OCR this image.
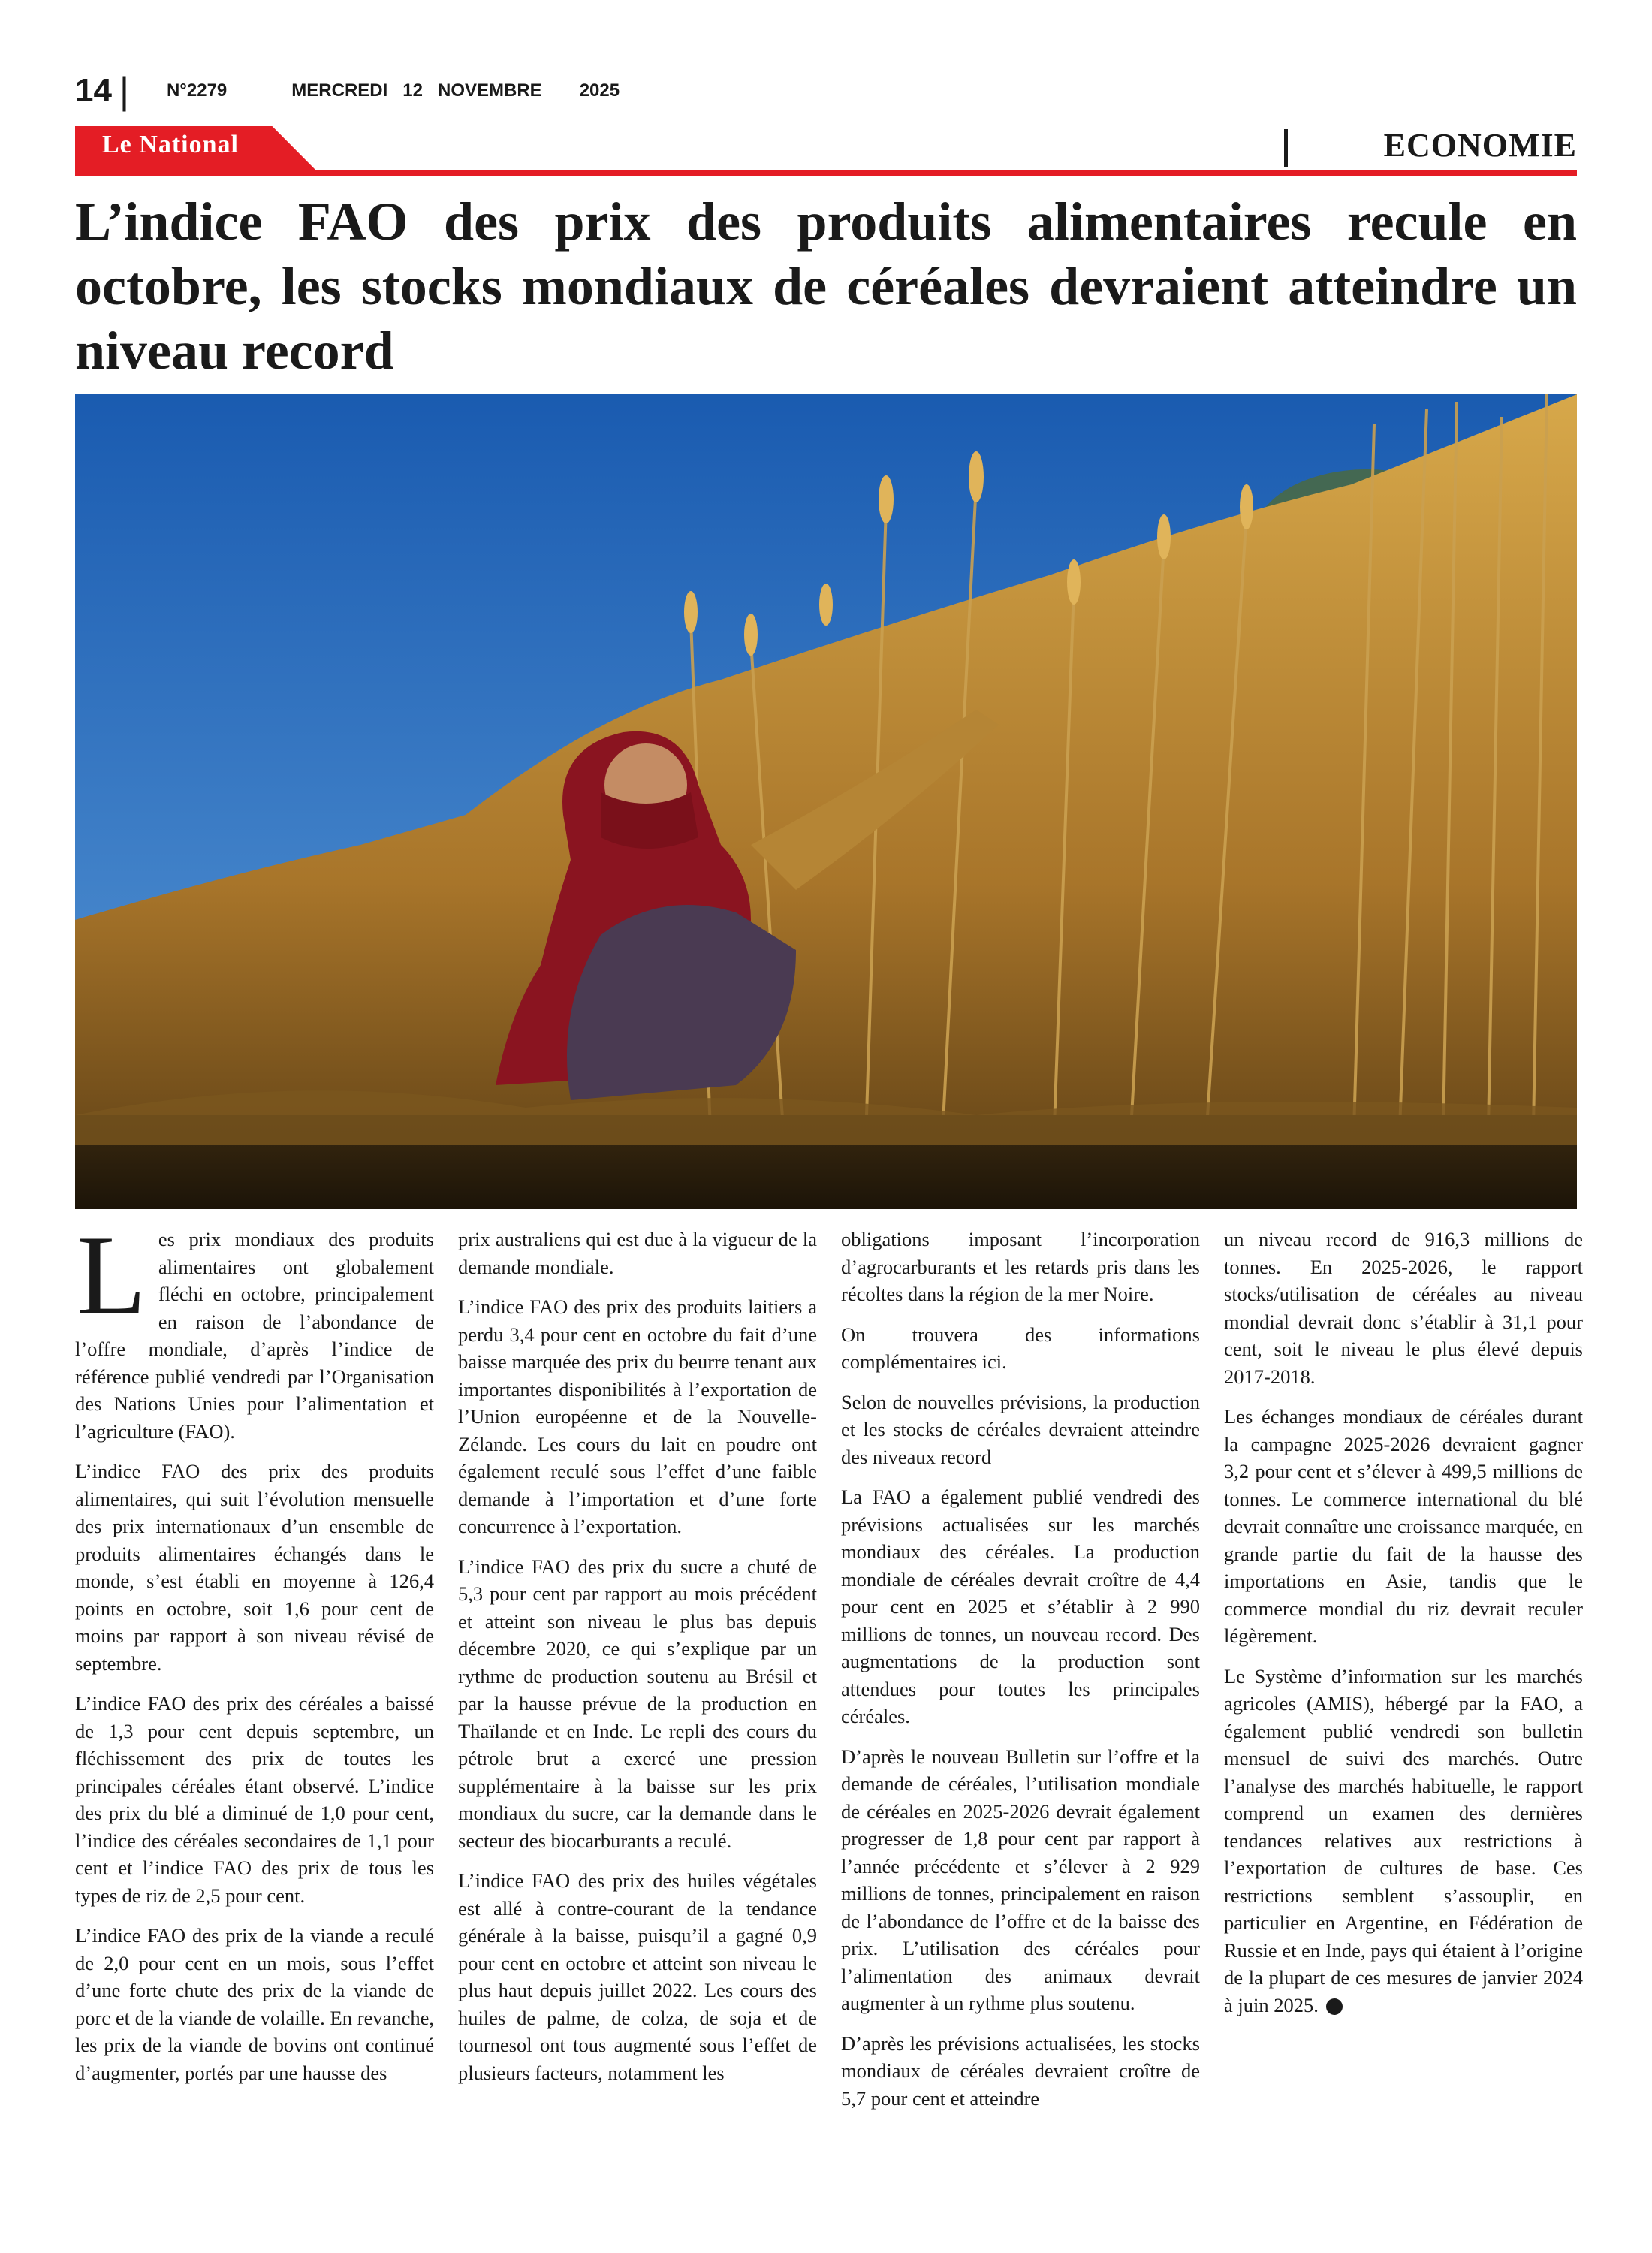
14 | N°2279	MERCREDI 12 NOVEMBRE 2025
Le National	ECONOMIE
L’indice FAO des prix des produits alimentaires recule en octobre, les stocks mondiaux de céréales devraient atteindre un niveau record

Les prix mondiaux des produits alimentaires ont globalement fléchi en octobre, principalement en raison de l’abondance de l’offre mondiale, d’après l’indice de référence publié vendredi par l’Organisation des Nations Unies pour l’alimentation et l’agriculture (FAO).

L’indice FAO des prix des produits alimentaires, qui suit l’évolution mensuelle des prix internationaux d’un ensemble de produits alimentaires échangés dans le monde, s’est établi en moyenne à 126,4 points en octobre, soit 1,6 pour cent de moins par rapport à son niveau révisé de septembre.

L’indice FAO des prix des céréales a baissé de 1,3 pour cent depuis septembre, un fléchissement des prix de toutes les principales céréales étant observé. L’indice des prix du blé a diminué de 1,0 pour cent, l’indice des céréales secondaires de 1,1 pour cent et l’indice FAO des prix de tous les types de riz de 2,5 pour cent.

L’indice FAO des prix de la viande a reculé de 2,0 pour cent en un mois, sous l’effet d’une forte chute des prix de la viande de porc et de la viande de volaille. En revanche, les prix de la viande de bovins ont continué d’augmenter, portés par une hausse des

prix australiens qui est due à la vigueur de la demande mondiale.

L’indice FAO des prix des produits laitiers a perdu 3,4 pour cent en octobre du fait d’une baisse marquée des prix du beurre tenant aux importantes disponibilités à l’exportation de l’Union européenne et de la Nouvelle-Zélande. Les cours du lait en poudre ont également reculé sous l’effet d’une faible demande à l’importation et d’une forte concurrence à l’exportation.

L’indice FAO des prix du sucre a chuté de 5,3 pour cent par rapport au mois précédent et atteint son niveau le plus bas depuis décembre 2020, ce qui s’explique par un rythme de production soutenu au Brésil et par la hausse prévue de la production en Thaïlande et en Inde. Le repli des cours du pétrole brut a exercé une pression supplémentaire à la baisse sur les prix mondiaux du sucre, car la demande dans le secteur des biocarburants a reculé.

L’indice FAO des prix des huiles végétales est allé à contre-courant de la tendance générale à la baisse, puisqu’il a gagné 0,9 pour cent en octobre et atteint son niveau le plus haut depuis juillet 2022. Les cours des huiles de palme, de colza, de soja et de tournesol ont tous augmenté sous l’effet de plusieurs facteurs, notamment les

obligations imposant l’incorporation d’agrocarburants et les retards pris dans les récoltes dans la région de la mer Noire.

On trouvera des informations complémentaires ici.

Selon de nouvelles prévisions, la production et les stocks de céréales devraient atteindre des niveaux record

La FAO a également publié vendredi des prévisions actualisées sur les marchés mondiaux des céréales. La production mondiale de céréales devrait croître de 4,4 pour cent en 2025 et s’établir à 2 990 millions de tonnes, un nouveau record. Des augmentations de la production sont attendues pour toutes les principales céréales.

D’après le nouveau Bulletin sur l’offre et la demande de céréales, l’utilisation mondiale de céréales en 2025-2026 devrait également progresser de 1,8 pour cent par rapport à l’année précédente et s’élever à 2 929 millions de tonnes, principalement en raison de l’abondance de l’offre et de la baisse des prix. L’utilisation des céréales pour l’alimentation des animaux devrait augmenter à un rythme plus soutenu.

D’après les prévisions actualisées, les stocks mondiaux de céréales devraient croître de 5,7 pour cent et atteindre

un niveau record de 916,3 millions de tonnes. En 2025-2026, le rapport stocks/utilisation de céréales au niveau mondial devrait donc s’établir à 31,1 pour cent, soit le niveau le plus élevé depuis 2017-2018.

Les échanges mondiaux de céréales durant la campagne 2025-2026 devraient gagner 3,2 pour cent et s’élever à 499,5 millions de tonnes. Le commerce international du blé devrait connaître une croissance marquée, en grande partie du fait de la hausse des importations en Asie, tandis que le commerce mondial du riz devrait reculer légèrement.

Le Système d’information sur les marchés agricoles (AMIS), hébergé par la FAO, a également publié vendredi son bulletin mensuel de suivi des marchés. Outre l’analyse des marchés habituelle, le rapport comprend un examen des dernières tendances relatives aux restrictions à l’exportation de cultures de base. Ces restrictions semblent s’assouplir, en particulier en Argentine, en Fédération de Russie et en Inde, pays qui étaient à l’origine de la plupart de ces mesures de janvier 2024 à juin 2025.
